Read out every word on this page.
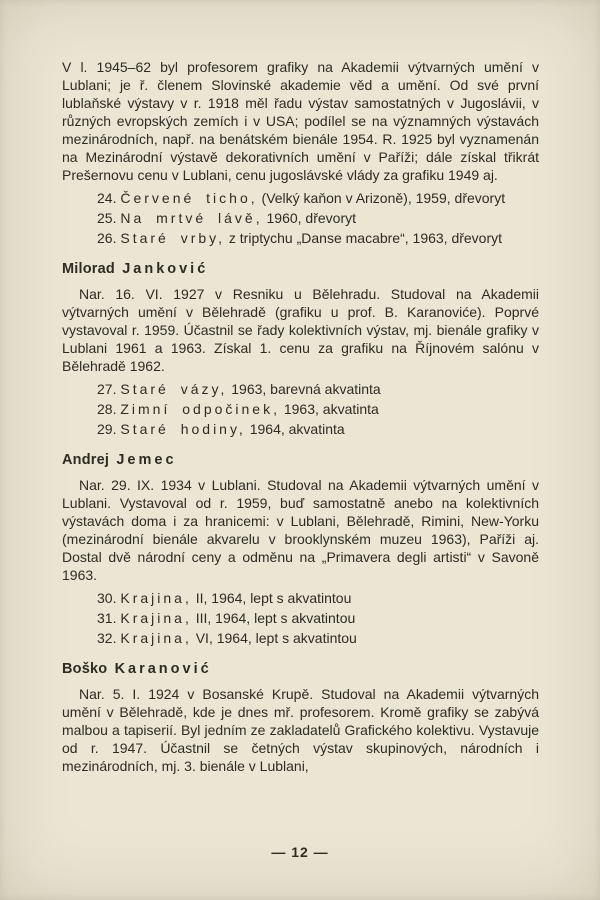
V l. 1945–62 byl profesorem grafiky na Akademii výtvarných umění v Lublani; je ř. členem Slovinské akademie věd a umění. Od své první lublaňské výstavy v r. 1918 měl řadu výstav samostatných v Jugoslávii, v různých evropských zemích i v USA; podílel se na významných výstavách mezinárodních, např. na benátském bienále 1954. R. 1925 byl vyznamenán na Mezinárodní výstavě dekorativních umění v Paříži; dále získal třikrát Prešernovu cenu v Lublani, cenu jugoslávské vlády za grafiku 1949 aj.

24. Červené ticho, (Velký kaňon v Arizoně), 1959, dřevoryt
25. Na mrtvé lávě, 1960, dřevoryt
26. Staré vrby, z triptychu „Danse macabre“, 1963, dřevoryt
Milorad Janković

Nar. 16. VI. 1927 v Resniku u Bělehradu. Studoval na Akademii výtvarných umění v Bělehradě (grafiku u prof. B. Karanoviće). Poprvé vystavoval r. 1959. Účastnil se řady kolektivních výstav, mj. bienále grafiky v Lublani 1961 a 1963. Získal 1. cenu za grafiku na Říjnovém salónu v Bělehradě 1962.

27. Staré vázy, 1963, barevná akvatinta
28. Zimní odpočinek, 1963, akvatinta
29. Staré hodiny, 1964, akvatinta
Andrej Jemec

Nar. 29. IX. 1934 v Lublani. Studoval na Akademii výtvarných umění v Lublani. Vystavoval od r. 1959, buď samostatně anebo na kolektivních výstavách doma i za hranicemi: v Lublani, Bělehradě, Rimini, New-Yorku (mezinárodní bienále akvarelu v brooklynském muzeu 1963), Paříži aj. Dostal dvě národní ceny a odměnu na „Primavera degli artisti“ v Savoně 1963.

30. Krajina, II, 1964, lept s akvatintou
31. Krajina, III, 1964, lept s akvatintou
32. Krajina, VI, 1964, lept s akvatintou
Boško Karanović

Nar. 5. I. 1924 v Bosanské Krupě. Studoval na Akademii výtvarných umění v Bělehradě, kde je dnes mř. profesorem. Kromě grafiky se zabývá malbou a tapiserií. Byl jedním ze zakladatelů Grafického kolektivu. Vystavuje od r. 1947. Účastnil se četných výstav skupinových, národních i mezinárodních, mj. 3. bienále v Lublani,

— 12 —
